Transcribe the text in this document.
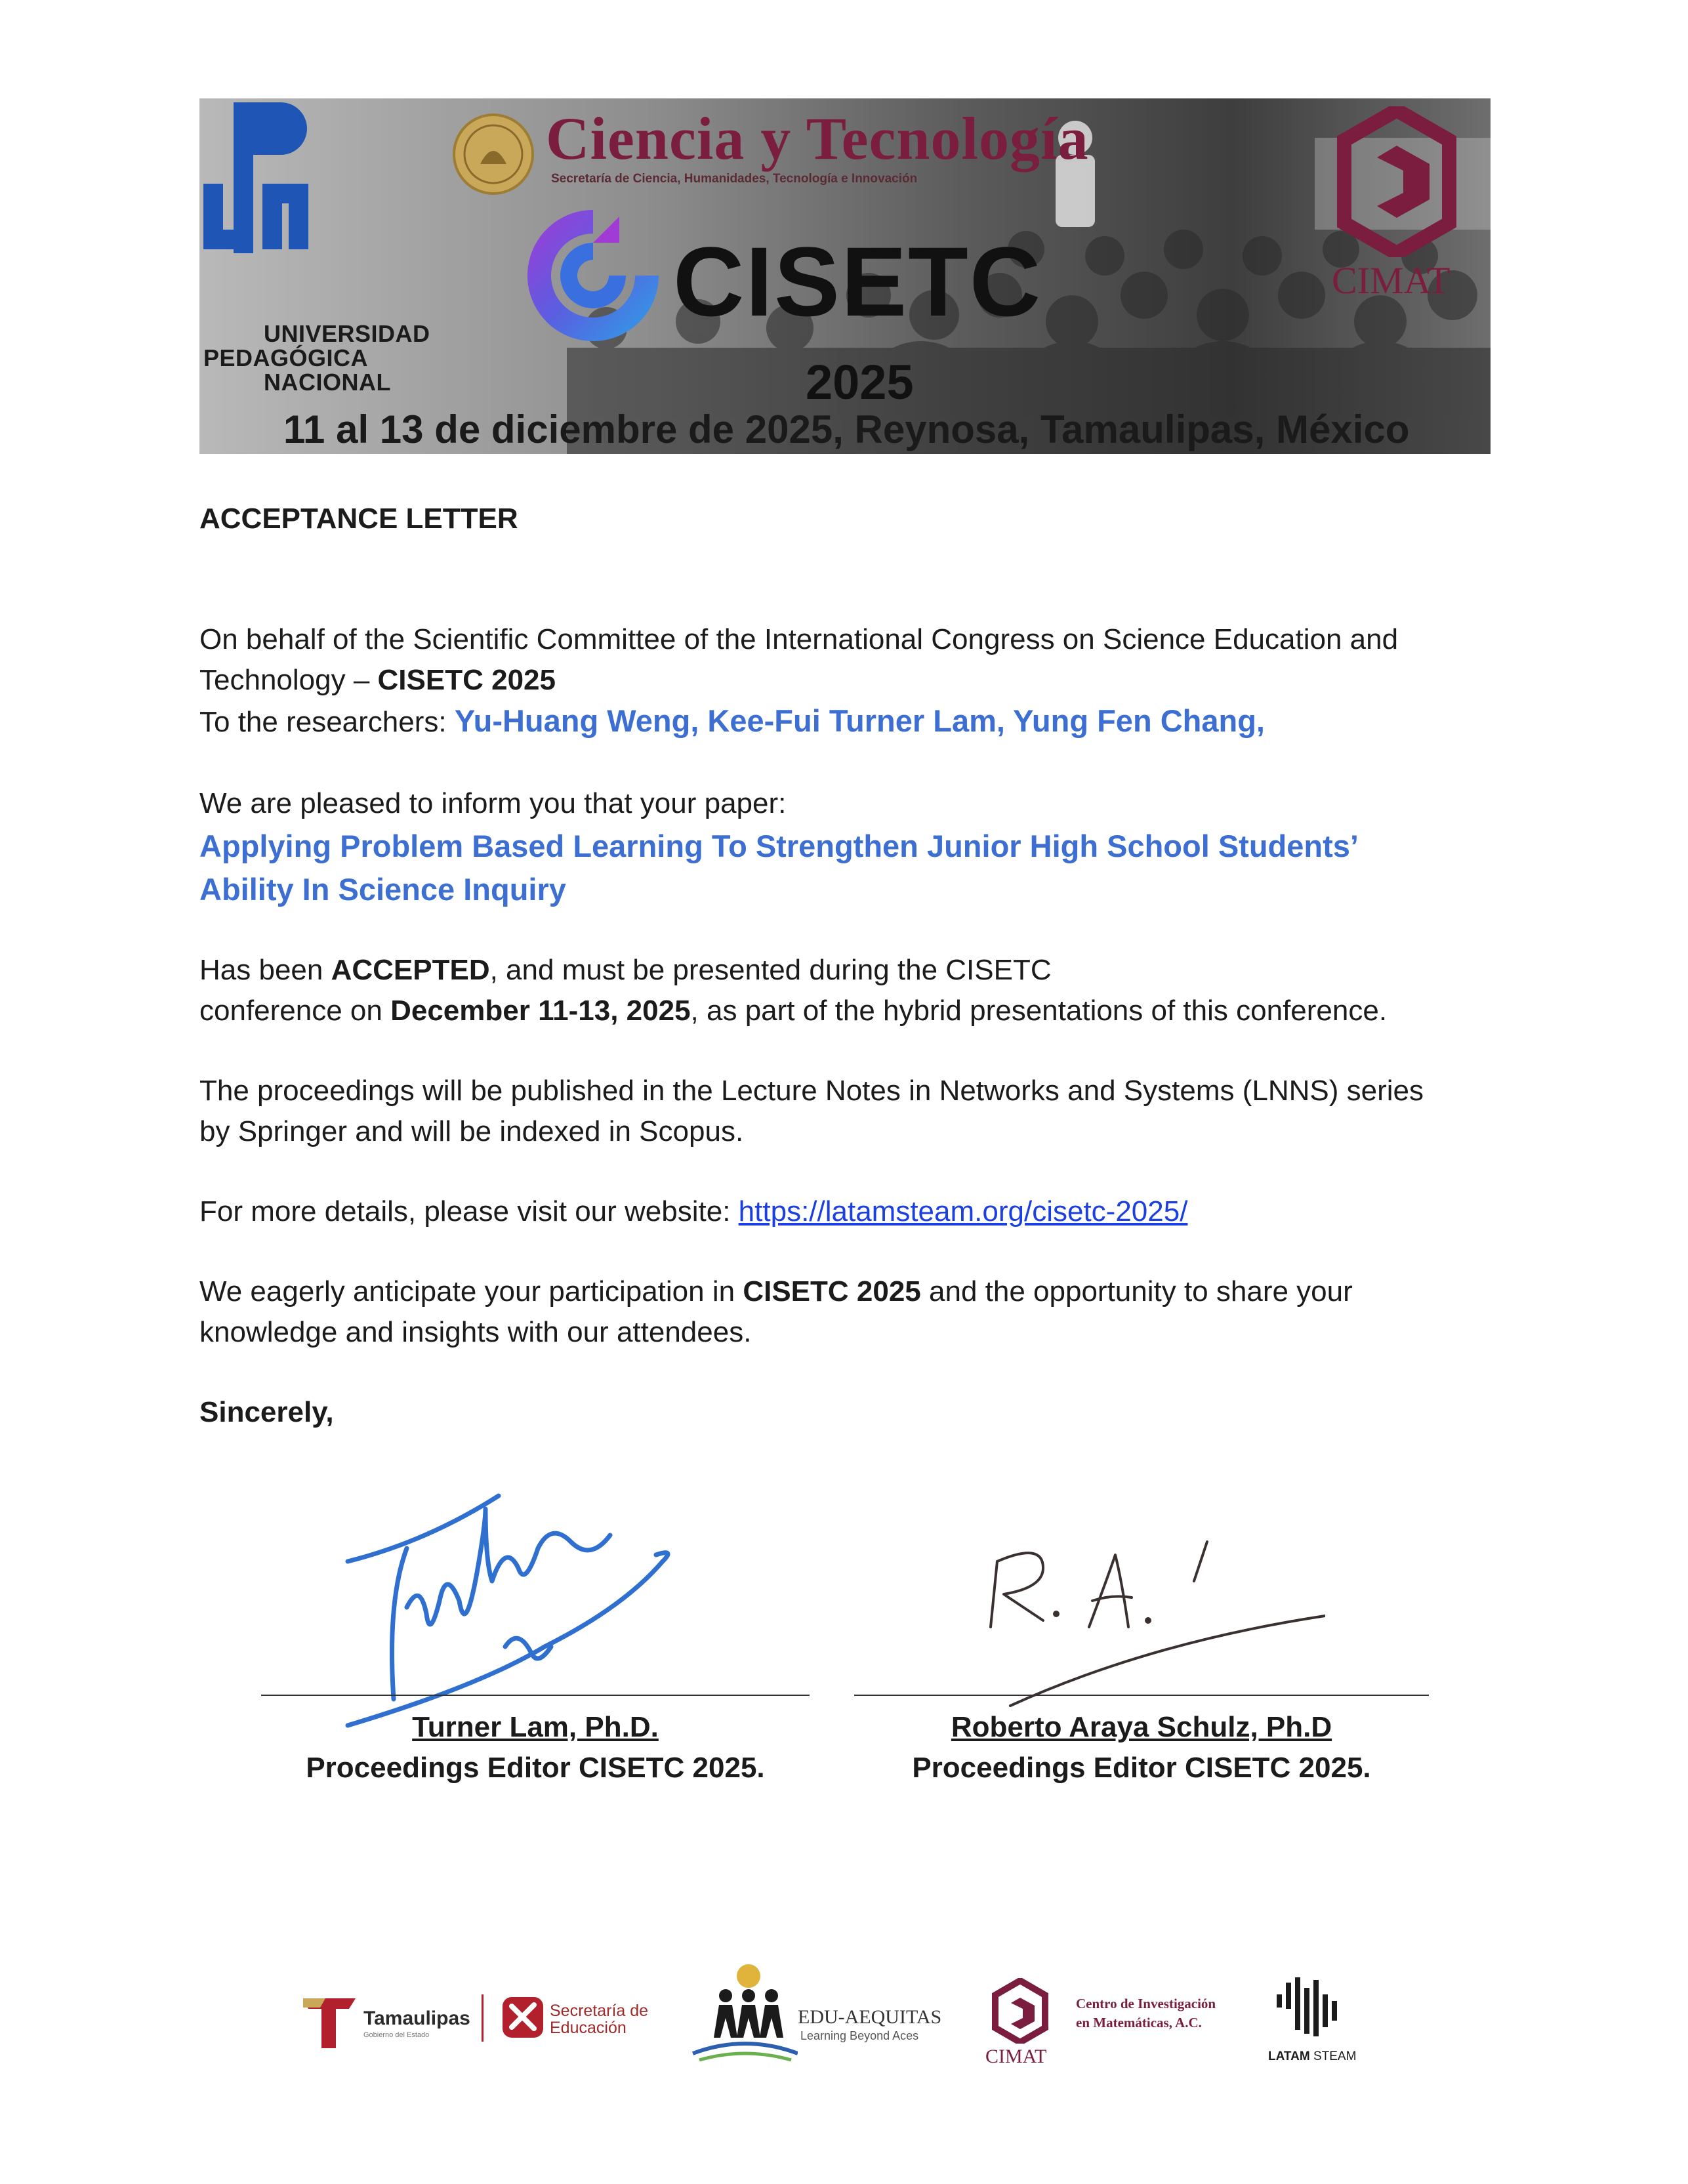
UNIVERSIDAD
PEDAGÓGICA
NACIONAL
Ciencia y Tecnología
Secretaría de Ciencia, Humanidades, Tecnología e Innovación
CISETC
2025
11 al 13 de diciembre de 2025, Reynosa, Tamaulipas, México
CIMAT
ACCEPTANCE LETTER
On behalf of the Scientific Committee of the International Congress on Science Education and
Technology – CISETC 2025
To the researchers: Yu-Huang Weng, Kee-Fui Turner Lam, Yung Fen Chang,
We are pleased to inform you that your paper:
Applying Problem Based Learning To Strengthen Junior High School Students’
Ability In Science Inquiry
Has been ACCEPTED, and must be presented during the CISETC
conference on December 11-13, 2025, as part of the hybrid presentations of this conference.
The proceedings will be published in the Lecture Notes in Networks and Systems (LNNS) series
by Springer and will be indexed in Scopus.
For more details, please visit our website: https://latamsteam.org/cisetc-2025/
We eagerly anticipate your participation in CISETC 2025 and the opportunity to share your
knowledge and insights with our attendees.
Sincerely,
Turner Lam, Ph.D.
Proceedings Editor CISETC 2025.
Roberto Araya Schulz, Ph.D
Proceedings Editor CISETC 2025.
Tamaulipas
Gobierno del Estado
Secretaría de Educación	EDU-AEQUITAS
Learning Beyond Aces
CIMAT
Centro de Investigación en Matemáticas, A.C.
LATAM STEAM
